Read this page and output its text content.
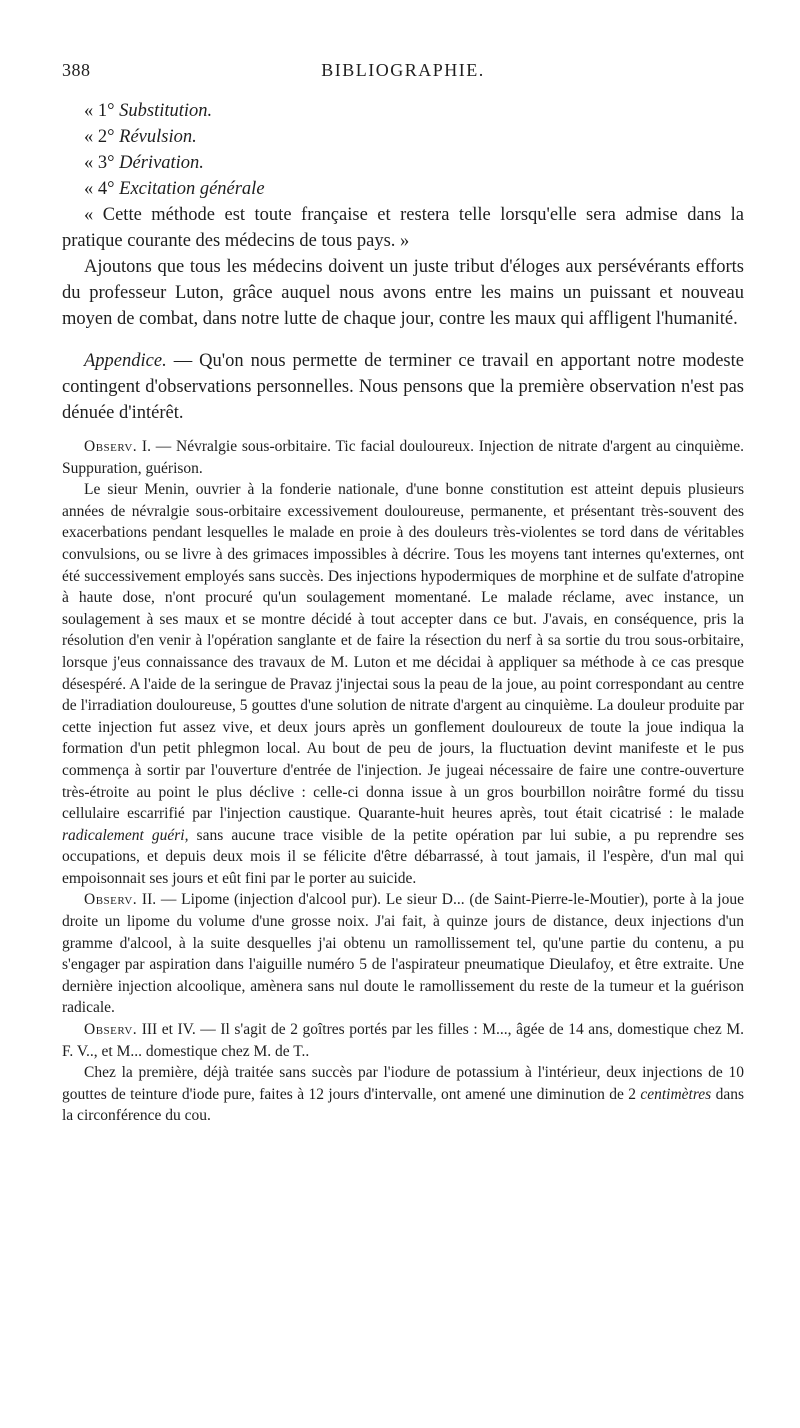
388	BIBLIOGRAPHIE.
« 1° Substitution.
« 2° Révulsion.
« 3° Dérivation.
« 4° Excitation générale

« Cette méthode est toute française et restera telle lorsqu'elle sera admise dans la pratique courante des médecins de tous pays. »

Ajoutons que tous les médecins doivent un juste tribut d'éloges aux persévérants efforts du professeur Luton, grâce auquel nous avons entre les mains un puissant et nouveau moyen de combat, dans notre lutte de chaque jour, contre les maux qui affligent l'humanité.

Appendice. — Qu'on nous permette de terminer ce travail en apportant notre modeste contingent d'observations personnelles. Nous pensons que la première observation n'est pas dénuée d'intérêt.

Observ. I. — Névralgie sous-orbitaire. Tic facial douloureux. Injection de nitrate d'argent au cinquième. Suppuration, guérison.

Le sieur Menin, ouvrier à la fonderie nationale, d'une bonne constitution est atteint depuis plusieurs années de névralgie sous-orbitaire excessivement douloureuse, permanente, et présentant très-souvent des exacerbations pendant lesquelles le malade en proie à des douleurs très-violentes se tord dans de véritables convulsions, ou se livre à des grimaces impossibles à décrire. Tous les moyens tant internes qu'externes, ont été successivement employés sans succès. Des injections hypodermiques de morphine et de sulfate d'atropine à haute dose, n'ont procuré qu'un soulagement momentané. Le malade réclame, avec instance, un soulagement à ses maux et se montre décidé à tout accepter dans ce but. J'avais, en conséquence, pris la résolution d'en venir à l'opération sanglante et de faire la résection du nerf à sa sortie du trou sous-orbitaire, lorsque j'eus connaissance des travaux de M. Luton et me décidai à appliquer sa méthode à ce cas presque désespéré. A l'aide de la seringue de Pravaz j'injectai sous la peau de la joue, au point correspondant au centre de l'irradiation douloureuse, 5 gouttes d'une solution de nitrate d'argent au cinquième. La douleur produite par cette injection fut assez vive, et deux jours après un gonflement douloureux de toute la joue indiqua la formation d'un petit phlegmon local. Au bout de peu de jours, la fluctuation devint manifeste et le pus commença à sortir par l'ouverture d'entrée de l'injection. Je jugeai nécessaire de faire une contre-ouverture très-étroite au point le plus déclive : celle-ci donna issue à un gros bourbillon noirâtre formé du tissu cellulaire escarrifié par l'injection caustique. Quarante-huit heures après, tout était cicatrisé : le malade radicalement guéri, sans aucune trace visible de la petite opération par lui subie, a pu reprendre ses occupations, et depuis deux mois il se félicite d'être débarrassé, à tout jamais, il l'espère, d'un mal qui empoisonnait ses jours et eût fini par le porter au suicide.

Observ. II. — Lipome (injection d'alcool pur). Le sieur D... (de Saint-Pierre-le-Moutier), porte à la joue droite un lipome du volume d'une grosse noix. J'ai fait, à quinze jours de distance, deux injections d'un gramme d'alcool, à la suite desquelles j'ai obtenu un ramollissement tel, qu'une partie du contenu, a pu s'engager par aspiration dans l'aiguille numéro 5 de l'aspirateur pneumatique Dieulafoy, et être extraite. Une dernière injection alcoolique, amènera sans nul doute le ramollissement du reste de la tumeur et la guérison radicale.

Observ. III et IV. — Il s'agit de 2 goîtres portés par les filles : M..., âgée de 14 ans, domestique chez M. F. V.., et M... domestique chez M. de T..

Chez la première, déjà traitée sans succès par l'iodure de potassium à l'intérieur, deux injections de 10 gouttes de teinture d'iode pure, faites à 12 jours d'intervalle, ont amené une diminution de 2 centimètres dans la circonférence du cou.
